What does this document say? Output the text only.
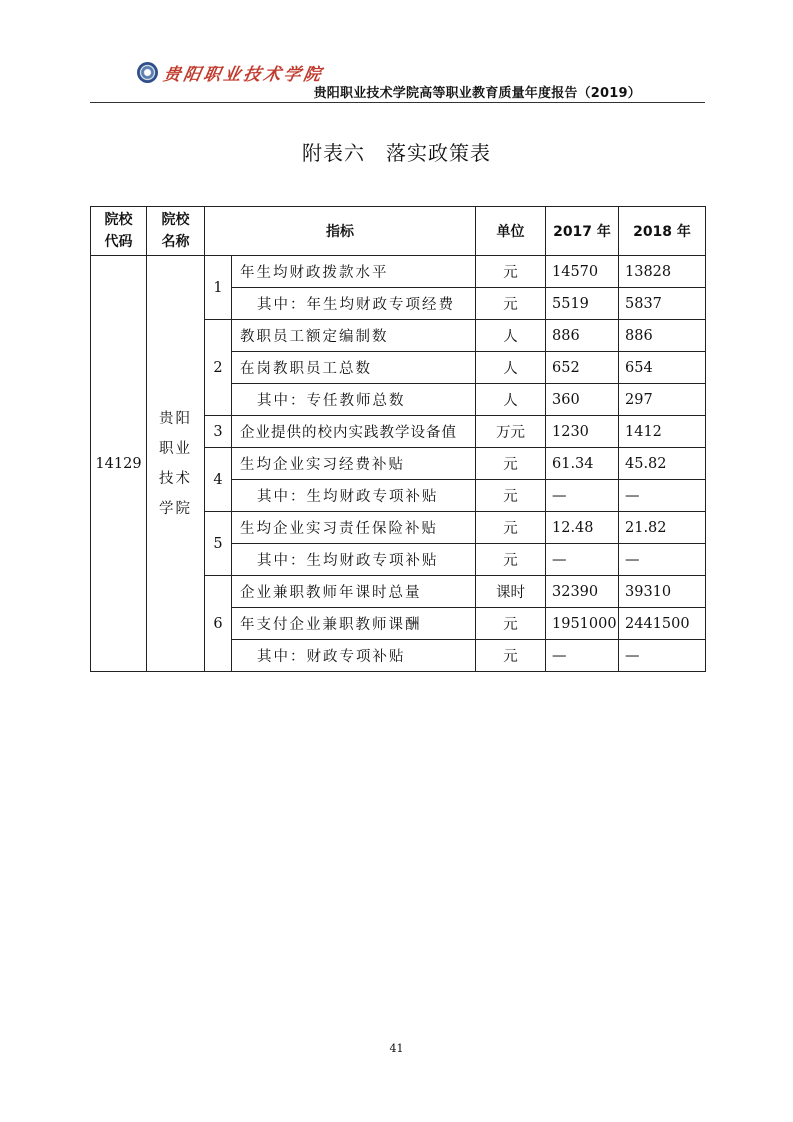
贵阳职业技术学院
贵阳职业技术学院高等职业教育质量年度报告（2019）
附表六　落实政策表
院校代码	院校名称	指标		单位	2017 年	2018 年
14129	贵阳职业技术学院	1	年生均财政拨款水平	元	14570	13828
			其中：年生均财政专项经费	元	5519	5837
		2	教职员工额定编制数	人	886	886
			在岗教职员工总数	人	652	654
			其中：专任教师总数	人	360	297
		3	企业提供的校内实践教学设备值	万元	1230	1412
		4	生均企业实习经费补贴	元	61.34	45.82
			其中：生均财政专项补贴	元	—	—
		5	生均企业实习责任保险补贴	元	12.48	21.82
			其中：生均财政专项补贴	元	—	—
		6	企业兼职教师年课时总量	课时	32390	39310
			年支付企业兼职教师课酬	元	1951000	2441500
			其中：财政专项补贴	元	—	—
41
